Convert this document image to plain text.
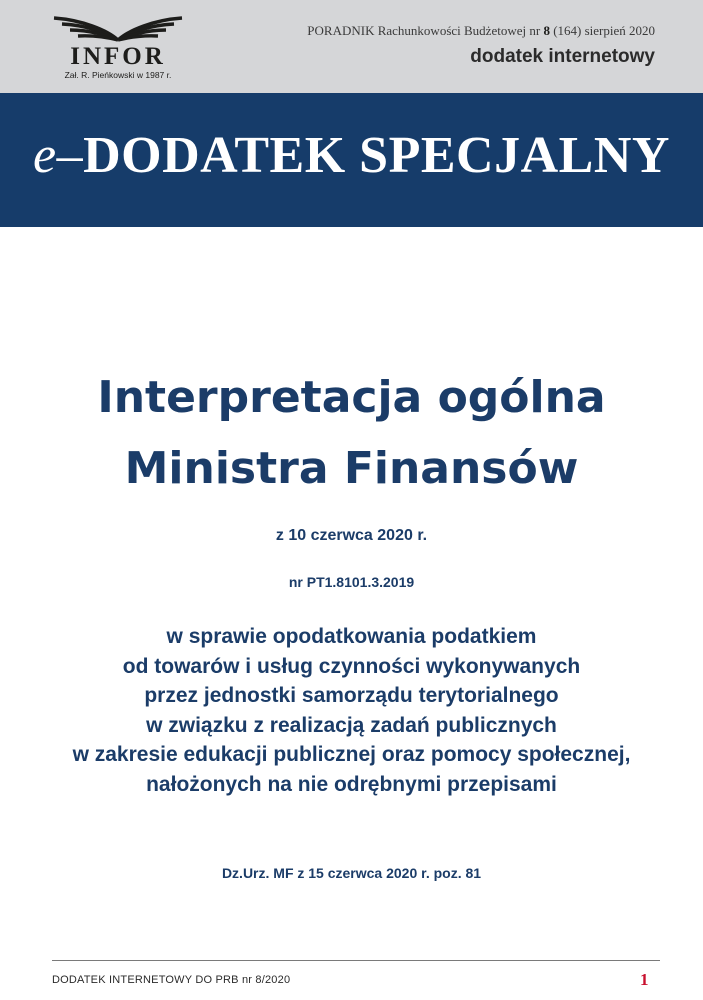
INFOR
Zał. R. Pieńkowski w 1987 r.
PORADNIK Rachunkowości Budżetowej nr 8 (164) sierpień 2020
dodatek internetowy
e–DODATEK SPECJALNY
Interpretacja ogólna
Ministra Finansów
z 10 czerwca 2020 r.
nr PT1.8101.3.2019
w sprawie opodatkowania podatkiem
od towarów i usług czynności wykonywanych
przez jednostki samorządu terytorialnego
w związku z realizacją zadań publicznych
w zakresie edukacji publicznej oraz pomocy społecznej,
nałożonych na nie odrębnymi przepisami
Dz.Urz. MF z 15 czerwca 2020 r. poz. 81
DODATEK INTERNETOWY DO PRB nr 8/2020	1
